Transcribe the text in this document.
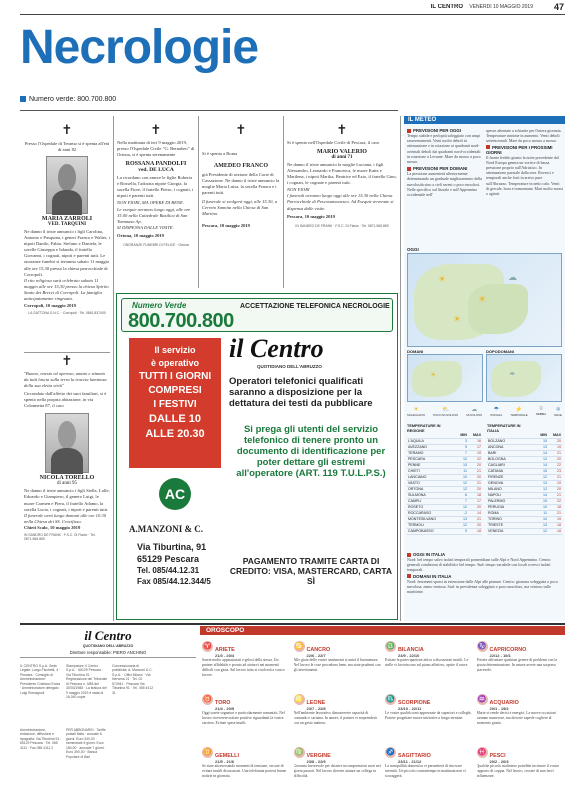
IL CENTRO VENERDÌ 10 MAGGIO 2019 47
Necrologie
Numero verde: 800.700.800
✝
Presso l'Ospedale di Teramo si è spenta all'età di anni 82
MARIA ZARROLI
VED. TARQUINI
Ne danno il triste annuncio i figli Carolina, Antonio e Pasquina, i generi Franco e Walter, i nipoti Danilo, Fabio, Stefano e Daniela, le sorelle Giuseppa e Iolanda, il fratello Giovanni, i cognati, nipoti e parenti tutti. Le onoranze funebri si terranno sabato 11 maggio alle ore 15,30 presso la chiesa parrocchiale di Corropoli.
Il rito religioso sarà celebrato sabato 11 maggio alle ore 15,30 presso la chiesa Spirito Santo dei Brecci di Corropoli. La famiglia anticipatamente ringrazia.
Corropoli, 10 maggio 2019
LA GATTONA S.N.C. · Corropoli · Tel. 0861.837400
✝
"Buono, onesto ed operoso, amato e stimato da tutti lascia sulla terra la traccia luminosa della sua eletta virtù"
Circondato dall'affetto dei suoi familiari, si è spento nella propria abitazione, in via Colonnetta 87, il caro
NICOLA TORELLO
di anni 95
Ne danno il triste annuncio i figli Stella, Lolle, Edoardo e Giampiero, il genero Luigi, le nuore Carmen e Piera, il fratello Adamo, la sorella Lucia, i cognati, i nipoti e parenti tutti.
Il funerale avrà luogo domani alle ore 10.30 nella Chiesa dei SS. Crocifisso.
Chieti Scalo, 10 maggio 2019
IN SANDRO DE FRANK · F.S.C. Di Flavio · Tel. 0871.565.869
✝
Nella mattinata di ieri 9 maggio 2019, presso l'Ospedale Civile "G. Bernabeo" di Ortona, si è spenta serenamente
ROSSANA PANDOLFI
ved. DE LUCA
La ricordano con amore le figlie Roberta e Rossella, l'adorata nipote Giorgia, la sorella Fiore, il fratello Pietro, i cognati, i nipoti e parenti tutti.
NON FIORI, MA OPERE DI BENE.
Le esequie avranno luogo oggi, alle ore 15.00 nella Cattedrale Basilica di San Tommaso Ap.
SI DISPENSA DALLE VISITE.
Ortona, 10 maggio 2019
ONORANZE FUNEBRI DI FELICE · Ortona
✝
Si è spenta a Roma
AMEDEO FRANCO
già Presidente di sezione della Corte di Cassazione. Ne danno il triste annuncio la moglie Maria Luisa, la sorella Franca e i parenti tutti.
Il funerale si svolgerà oggi, alle 15.30, a Cerreto Sannita nella Chiesa di San Martino.
Pescara, 10 maggio 2019
✝
Si è spento nell'Ospedale Civile di Pescara, il caro
MARIO VALERIO
di anni 71
Ne danno il triste annuncio la moglie Luciana, i figli Alessandro, Leonardo e Francesca, le nuore Katia e Marilena, i nipoti Marika, Beatrice ed Ezio, il fratello Gino, i cognati, le cognate e parenti tutti.
NON FIORI
I funerali avranno luogo oggi alle ore 15.30 nella Chiesa Parrocchiale di Pescosansonesco. Ad Esequie avvenute si dispensa dalle visite.
Pescara, 10 maggio 2019
IN SANDRO DE FRANK · F.S.C. Di Flavio · Tel. 0871.565.869
Numero Verde
800.700.800
ACCETTAZIONE TELEFONICA NECROLOGIE
Il servizio
è operativo
TUTTI I GIORNI
COMPRESI
I FESTIVI
DALLE 10
ALLE 20.30
AC
A.MANZONI & C.
Via Tiburtina, 91
65129 Pescara
Tel. 085/44.12.31
Fax 085/44.12.344/5
il Centro
QUOTIDIANO DELL'ABRUZZO
Operatori telefonici qualificati saranno a disposizione per la dettatura dei testi da pubblicare
Si prega gli utenti del servizio telefonico di tenere pronto un documento di identificazione per poter dettare gli estremi all'operatore (ART. 119 T.U.L.P.S.)
PAGAMENTO TRAMITE CARTA DI CREDITO: VISA, MASTERCARD, CARTA SÌ
IL METEO
PREVISIONI PER OGGI
Tempo stabile e perlopiù soleggiato con ampi rasserenamenti. Venti molto deboli in attenuazione e in rotazione ai quadranti nord-orientali deboli dai quadranti nord-occidentali in rotazione a Levante. Mare da mosso a poco mosso.
PREVISIONI PER DOMANI
La pressione aumenterà ulteriormente determinando un graduale miglioramento della nuvolosità sino a cieli sereni o poco nuvolosi. Nelle specifico sul litorale e sull'Appennino occidentale nell'
spesse alternate a schiarite per l'intera giornata. Temperature minime in aumento. Venti deboli settentrionali. Mare da poco mosso a mosso.
PREVISIONI PER I PROSSIMI GIORNI
Il fronte freddo giunto la notte precedente dal Nord Europa genera un vortice di bassa pressione proprio sull'Adriatico. In attenuazione parziale dalla sera. Rovesci e temporali anche forti in arrivo pure sull'Abruzzo. Temperature in netto calo. Venti di grecale, bora e tramontana. Mari molto mossi o agitati.
OGGI
☀
☀
☀
☁
DOMANI	DOPODOMANI
☀	☂
☀
SOLEGGIATO
⛅
POCO NUVOLOSO
☁
NUVOLOSO
☂
PIOGGIA
⚡
TEMPORALE
≡
NEBBIA
❄
NEVE
TEMPERATURE IN REGIONE
	MIN	MAX
L'AQUILA	3	16
AVEZZANO	5	17
TERAMO	7	19
PESCARA	12	22
PENNE	10	20
CHIETI	11	21
LANCIANO	10	20
VASTO	12	21
ORTONA	12	20
SULMONA	6	18
CAMPLI	7	17
ROSETO	12	20
ROCCARASO	-2	14
MONTESILVANO	13	21
TERMOLI	12	20
CAMPOBASSO	9	18
TEMPERATURE IN ITALIA
	MIN	MAX
BOLZANO	10	20
ANCONA	13	19
BARI	14	21
BOLOGNA	12	20
CAGLIARI	14	22
CATANIA	15	23
FIRENZE	12	21
GENOVA	13	19
MILANO	12	20
NAPOLI	14	21
PALERMO	15	22
PERUGIA	10	18
ROMA	11	21
TORINO	10	19
TRIESTE	13	18
VENEZIA	12	18
OGGI IN ITALIA
Nord: bel tempo salvo isolati temporali pomeridiani sulle Alpi e Nord Appennino. Centro: generali condizioni di stabilità e bel tempo. Sud: tempo variabile con locali rovesci isolati temporali.
DOMANI IN ITALIA
Nord: fenomeni sparsi in estensione dalle Alpi alle pianure. Centro: giornata soleggiata o poco nuvolosa, meno ventosa. Sud: in prevalenza soleggiato o poco nuvoloso, ma ventoso sulle marittime.
il Centro
QUOTIDIANO DELL'ABRUZZO
Direttore responsabile: PIERO ANCHINO
IL CENTRO S.p.A. Sede Legale: Largo Fischetti, 4 · Pescara · Consiglio di Amministrazione: Presidente Cristiano Ervas · Amministratore delegato Luigi Romagnoli
Stampatore: Il Centro S.p.A. · 65129 Pescara · Via Tiburtina 91 · Registrazione del Tribunale di Pescara n. 4/88 del 30/03/1988 · La tiratura del 9 maggio 2019 è stata di 16.040 copie
Concessionaria di pubblicità: A. Manzoni & C. S.p.A. · Uffici Milano · Via Nervesa 21 · Tel. 02 574941 · Pescara Via Tiburtina 91 · Tel. 085 4412 31
Amministrazione, redazione, diffusione e tipografia: Via Tiburtina 91 · 65129 Pescara · Tel. 085 4111 · Fax 085 4111 2
PER ABBONARSI · Tariffe postali Italia · annuale 6 giorni: Euro 340,00 · semestrale 6 giorni: Euro 180,00 · annuale 7 giorni: Euro 390,00 · Banca Popolare di Bari
OROSCOPO
♈ ARIETE
21/3 - 20/4
Sarete molto appassionati e gelosi della stessa. Un partner affidabile e pronto ad aiutarvi nei momenti difficili con gioia. Sul lavoro tutto si risolverà a vostro favore.
♉ TORO
21/4 - 20/5
Oggi sarete sognatori e particolarmente romantici. Nel lavoro riceverete notizie positive riguardanti la vostra carriera. Evitate spese inutili.
♊ GEMELLI
21/5 - 21/6
Se state attraversando momenti di tensione, cercate di evitare inutili discussioni. Una telefonata porterà buone notizie in giornata.
♋ CANCRO
22/6 - 22/7
Alle gioie delle vostre sentimenti si unirà il buonumore. Nel lavoro le cose procedono bene, ma siate prudenti con gli investimenti.
♌ LEONE
23/7 - 22/8
Nell'ambiente lavorativo dimostrerete capacità di comando e carisma. In amore, il partner vi sorprenderà con un gesto inatteso.
♍ VERGINE
23/8 - 22/9
Giornata favorevole per chiarire incomprensioni sorte nei giorni passati. Nel lavoro dovrete aiutare un collega in difficoltà.
♎ BILANCIA
23/9 - 22/10
Evitate la partecipazione attiva a discussioni inutili. Le stelle vi favoriscono sul piano affettivo, aprite il cuore.
♏ SCORPIONE
23/10 - 22/11
Le vostre qualità sono apprezzate da superiori e colleghi. Potrete progettare nuove iniziative a lungo termine.
♐ SAGITTARIO
23/11 - 21/12
La tranquillità domestica vi permetterà di ritrovare serenità. Un piccolo contrattempo in mattinata non vi scoraggerà.
♑ CAPRICORNO
22/12 - 19/1
Potrete affrontare qualsiasi genere di problemi con la giusta determinazione. In amore avrete una sorpresa piacevole.
♒ ACQUARIO
20/1 - 19/2
Marte vi rende decisi e energici. Le nuove occasioni saranno numerose, ma dovrete saperle cogliere al momento giusto.
♓ PESCI
20/2 - 20/3
Qualche piccolo malinteso potrebbe incrinare il vostro rapporto di coppia. Nel lavoro, cercate di non farvi influenzare.
